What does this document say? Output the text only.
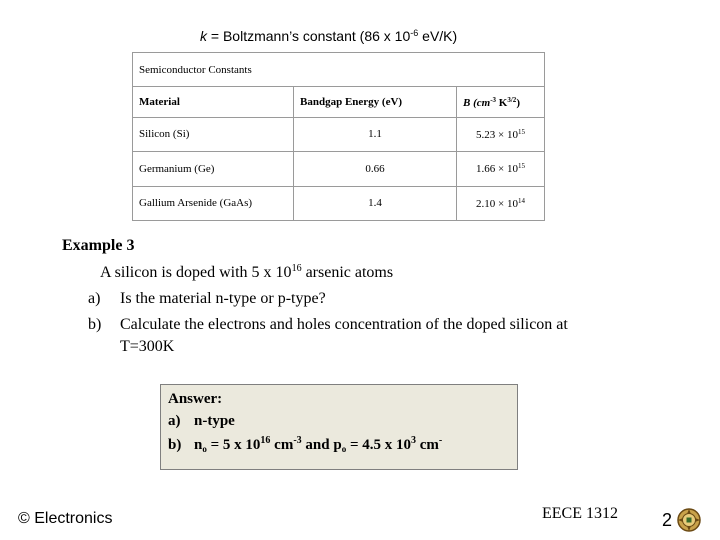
k = Boltzmann’s constant (86 x $10^{-6}$ eV/K)
Semiconductor Constants		
Material	Bandgap Energy (eV)	B ($cm^{-3}$ $K^{3/2}$)
Silicon (Si)	1.1	$5.23 \times 10^{15}$
Germanium (Ge)	0.66	$1.66 \times 10^{15}$
Gallium Arsenide (GaAs)	1.4	$2.10 \times 10^{14}$
Example 3
A silicon is doped with 5 x $10^{16}$ arsenic atoms
a) Is the material n-type or p-type?
b) Calculate the electrons and holes concentration of the doped silicon at
T=300K
Answer:
a) n-type
b) $n_o = 5$ x $10^{16}$ $cm^{-3}$ and $p_o = 4.5$ x $10^3$ cm-
© Electronics	EECE 1312 2
